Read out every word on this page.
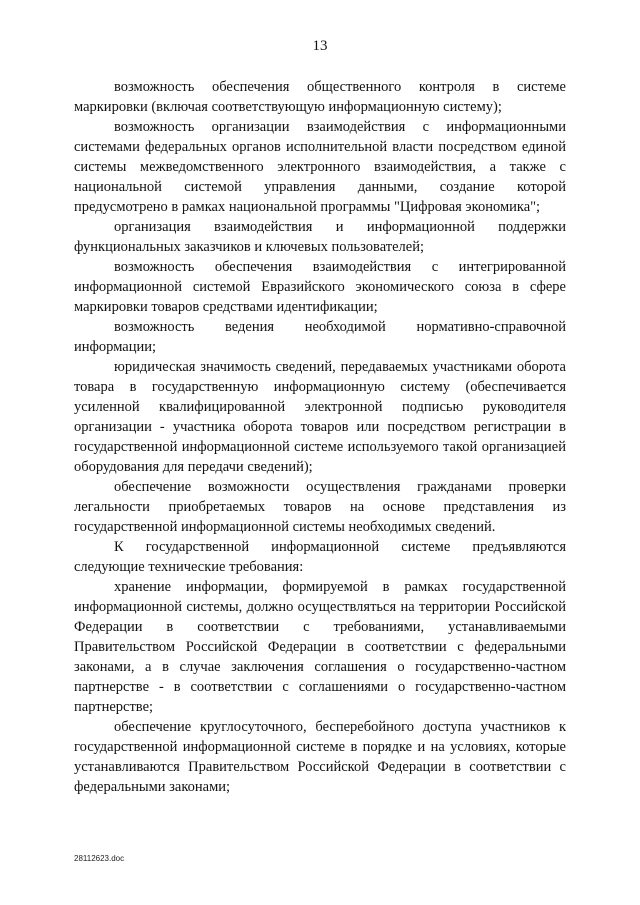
13

возможность обеспечения общественного контроля в системе маркировки (включая соответствующую информационную систему);

возможность организации взаимодействия с информационными системами федеральных органов исполнительной власти посредством единой системы межведомственного электронного взаимодействия, а также с национальной системой управления данными, создание которой предусмотрено в рамках национальной программы "Цифровая экономика";

организация взаимодействия и информационной поддержки функциональных заказчиков и ключевых пользователей;

возможность обеспечения взаимодействия с интегрированной информационной системой Евразийского экономического союза в сфере маркировки товаров средствами идентификации;

возможность ведения необходимой нормативно-справочной информации;

юридическая значимость сведений, передаваемых участниками оборота товара в государственную информационную систему (обеспечивается усиленной квалифицированной электронной подписью руководителя организации - участника оборота товаров или посредством регистрации в государственной информационной системе используемого такой организацией оборудования для передачи сведений);

обеспечение возможности осуществления гражданами проверки легальности приобретаемых товаров на основе представления из государственной информационной системы необходимых сведений.

К государственной информационной системе предъявляются следующие технические требования:

хранение информации, формируемой в рамках государственной информационной системы, должно осуществляться на территории Российской Федерации в соответствии с требованиями, устанавливаемыми Правительством Российской Федерации в соответствии с федеральными законами, а в случае заключения соглашения о государственно-частном партнерстве - в соответствии с соглашениями о государственно-частном партнерстве;

обеспечение круглосуточного, бесперебойного доступа участников к государственной информационной системе в порядке и на условиях, которые устанавливаются Правительством Российской Федерации в соответствии с федеральными законами;

28112623.doc
